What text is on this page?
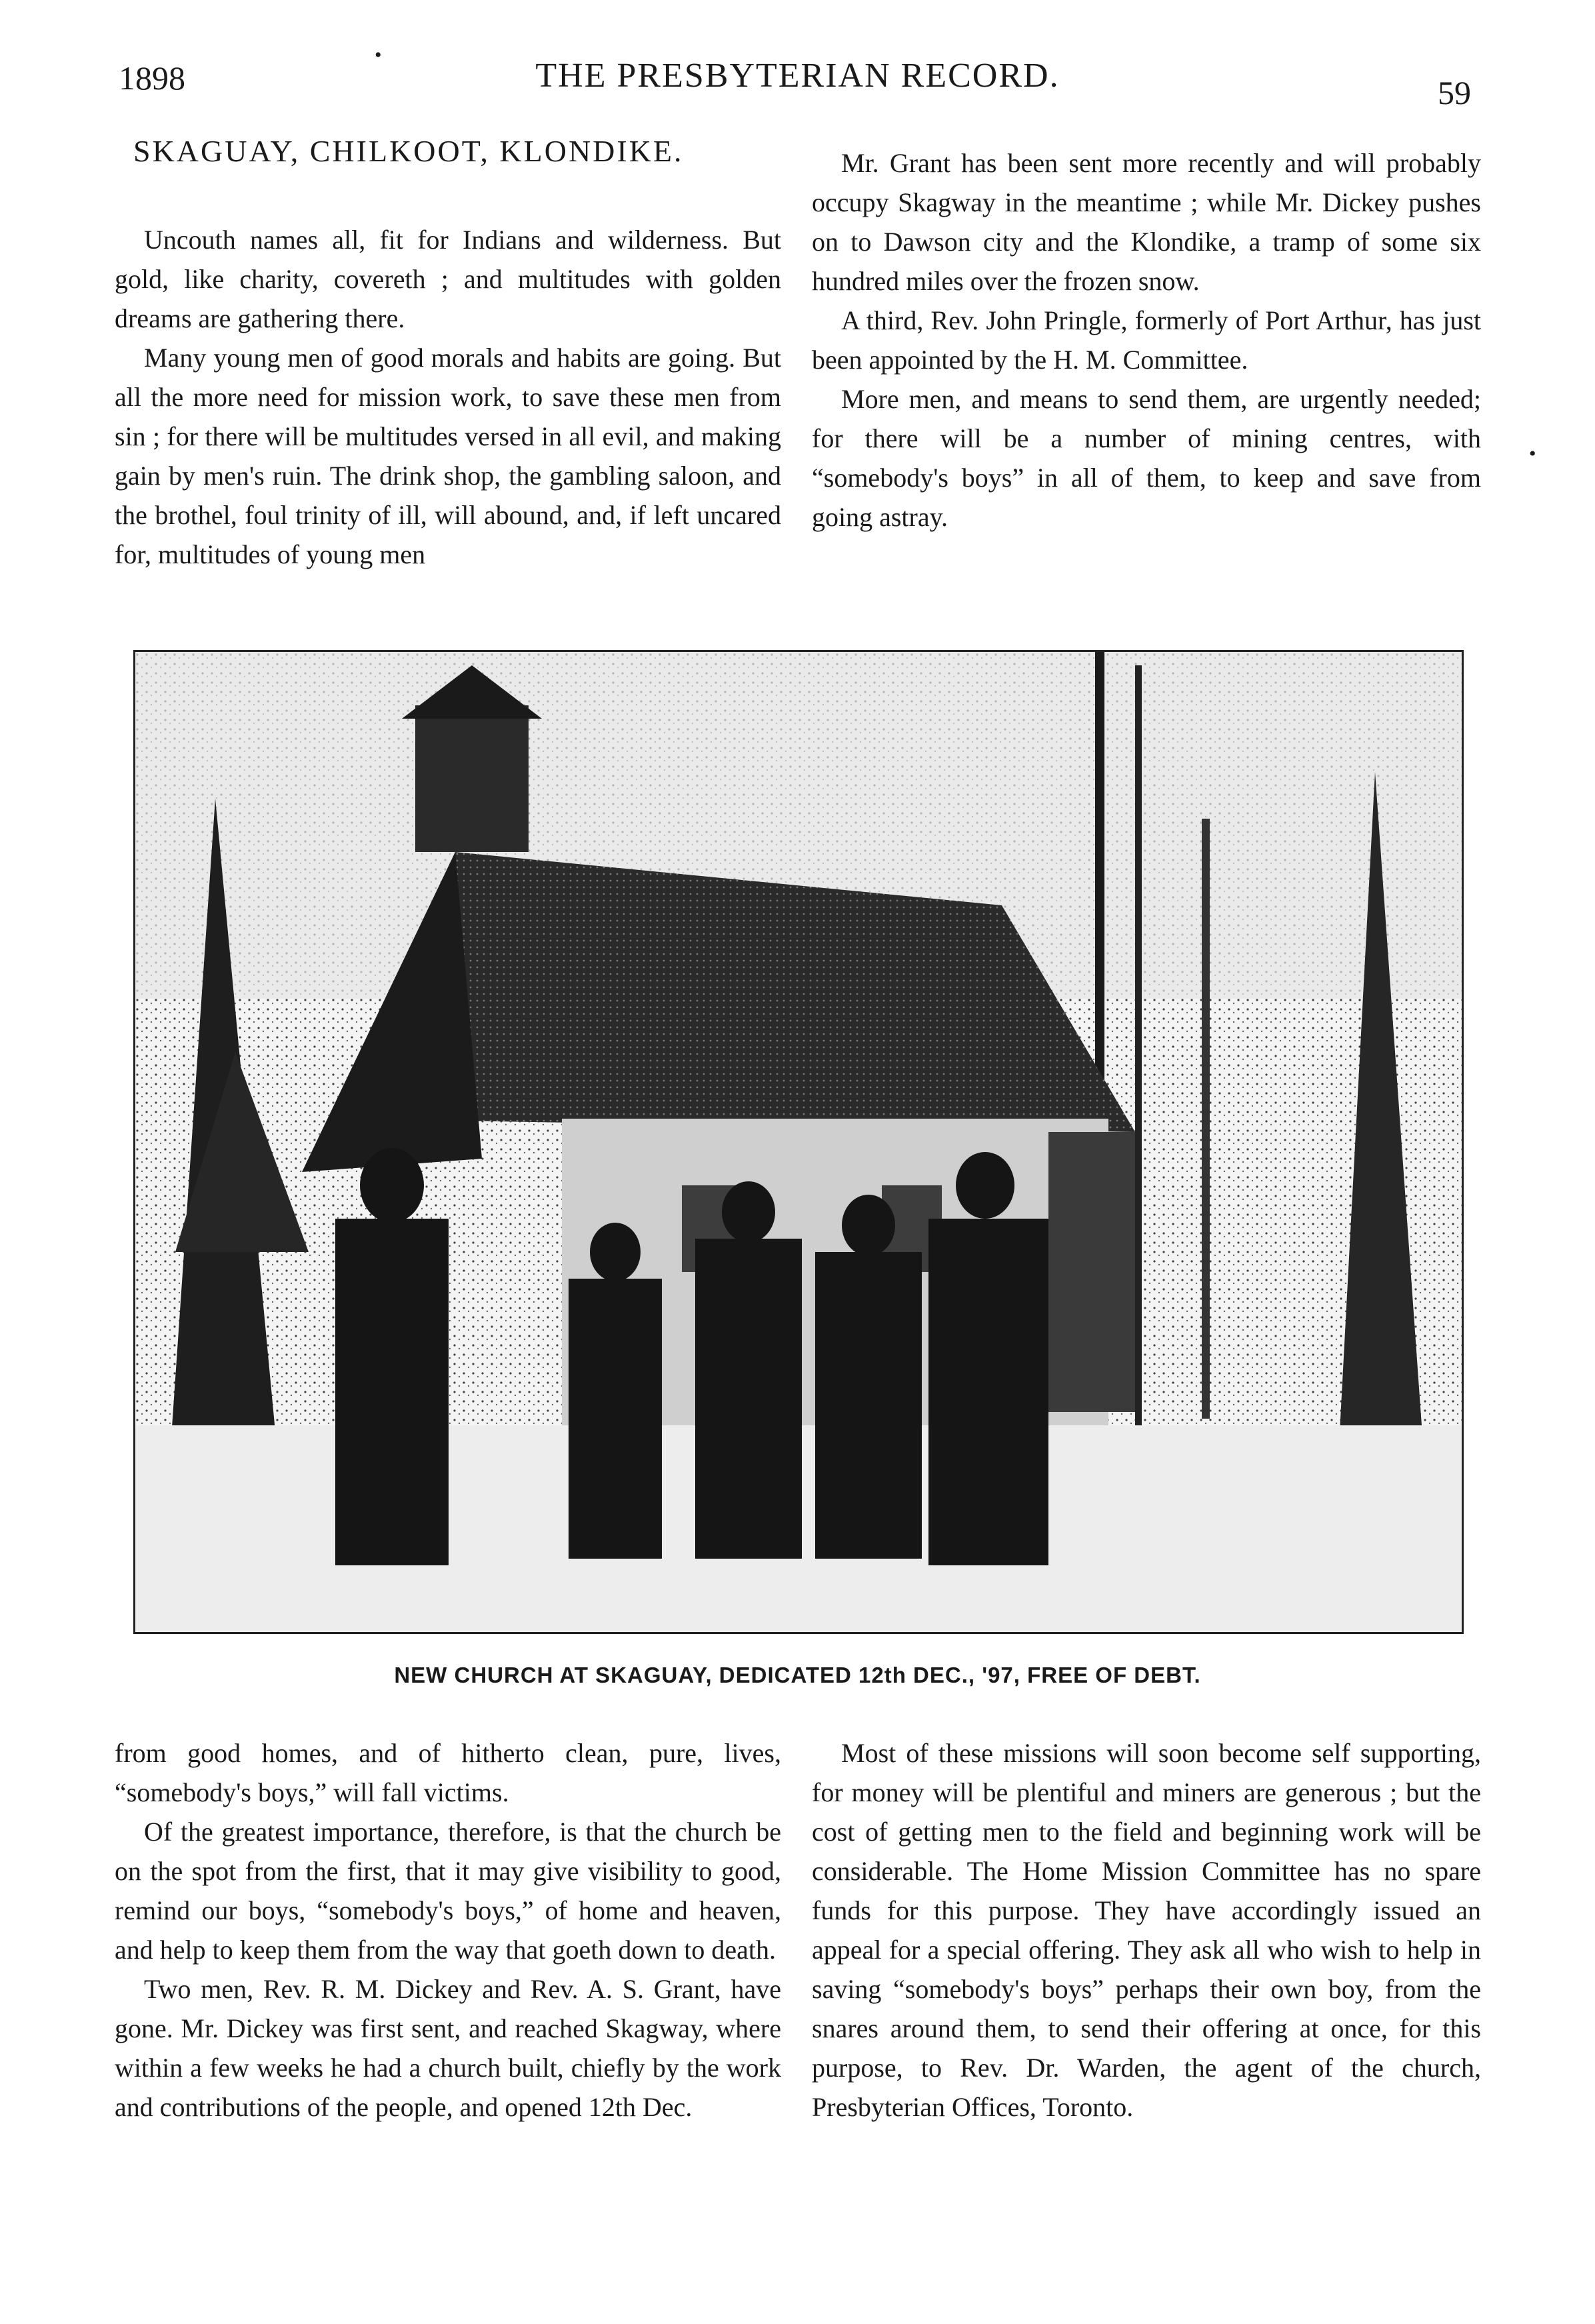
1898	THE PRESBYTERIAN RECORD.	59
•
•
SKAGUAY, CHILKOOT, KLONDIKE.

Uncouth names all, fit for Indians and wilderness. But gold, like charity, covereth ; and multitudes with golden dreams are gathering there.

Many young men of good morals and habits are going. But all the more need for mission work, to save these men from sin ; for there will be multitudes versed in all evil, and making gain by men's ruin. The drink shop, the gambling saloon, and the brothel, foul trinity of ill, will abound, and, if left uncared for, multitudes of young men

Mr. Grant has been sent more recently and will probably occupy Skagway in the meantime ; while Mr. Dickey pushes on to Dawson city and the Klondike, a tramp of some six hundred miles over the frozen snow.

A third, Rev. John Pringle, formerly of Port Arthur, has just been appointed by the H. M. Committee.

More men, and means to send them, are urgently needed; for there will be a number of mining centres, with “somebody's boys” in all of them, to keep and save from going astray.

NEW CHURCH AT SKAGUAY, DEDICATED 12th DEC., '97, FREE OF DEBT.

from good homes, and of hitherto clean, pure, lives, “somebody's boys,” will fall victims.

Of the greatest importance, therefore, is that the church be on the spot from the first, that it may give visibility to good, remind our boys, “somebody's boys,” of home and heaven, and help to keep them from the way that goeth down to death.

Two men, Rev. R. M. Dickey and Rev. A. S. Grant, have gone. Mr. Dickey was first sent, and reached Skagway, where within a few weeks he had a church built, chiefly by the work and contributions of the people, and opened 12th Dec.

Most of these missions will soon become self supporting, for money will be plentiful and miners are generous ; but the cost of getting men to the field and beginning work will be considerable. The Home Mission Committee has no spare funds for this purpose. They have accordingly issued an appeal for a special offering. They ask all who wish to help in saving “somebody's boys” perhaps their own boy, from the snares around them, to send their offering at once, for this purpose, to Rev. Dr. Warden, the agent of the church, Presbyterian Offices, Toronto.
